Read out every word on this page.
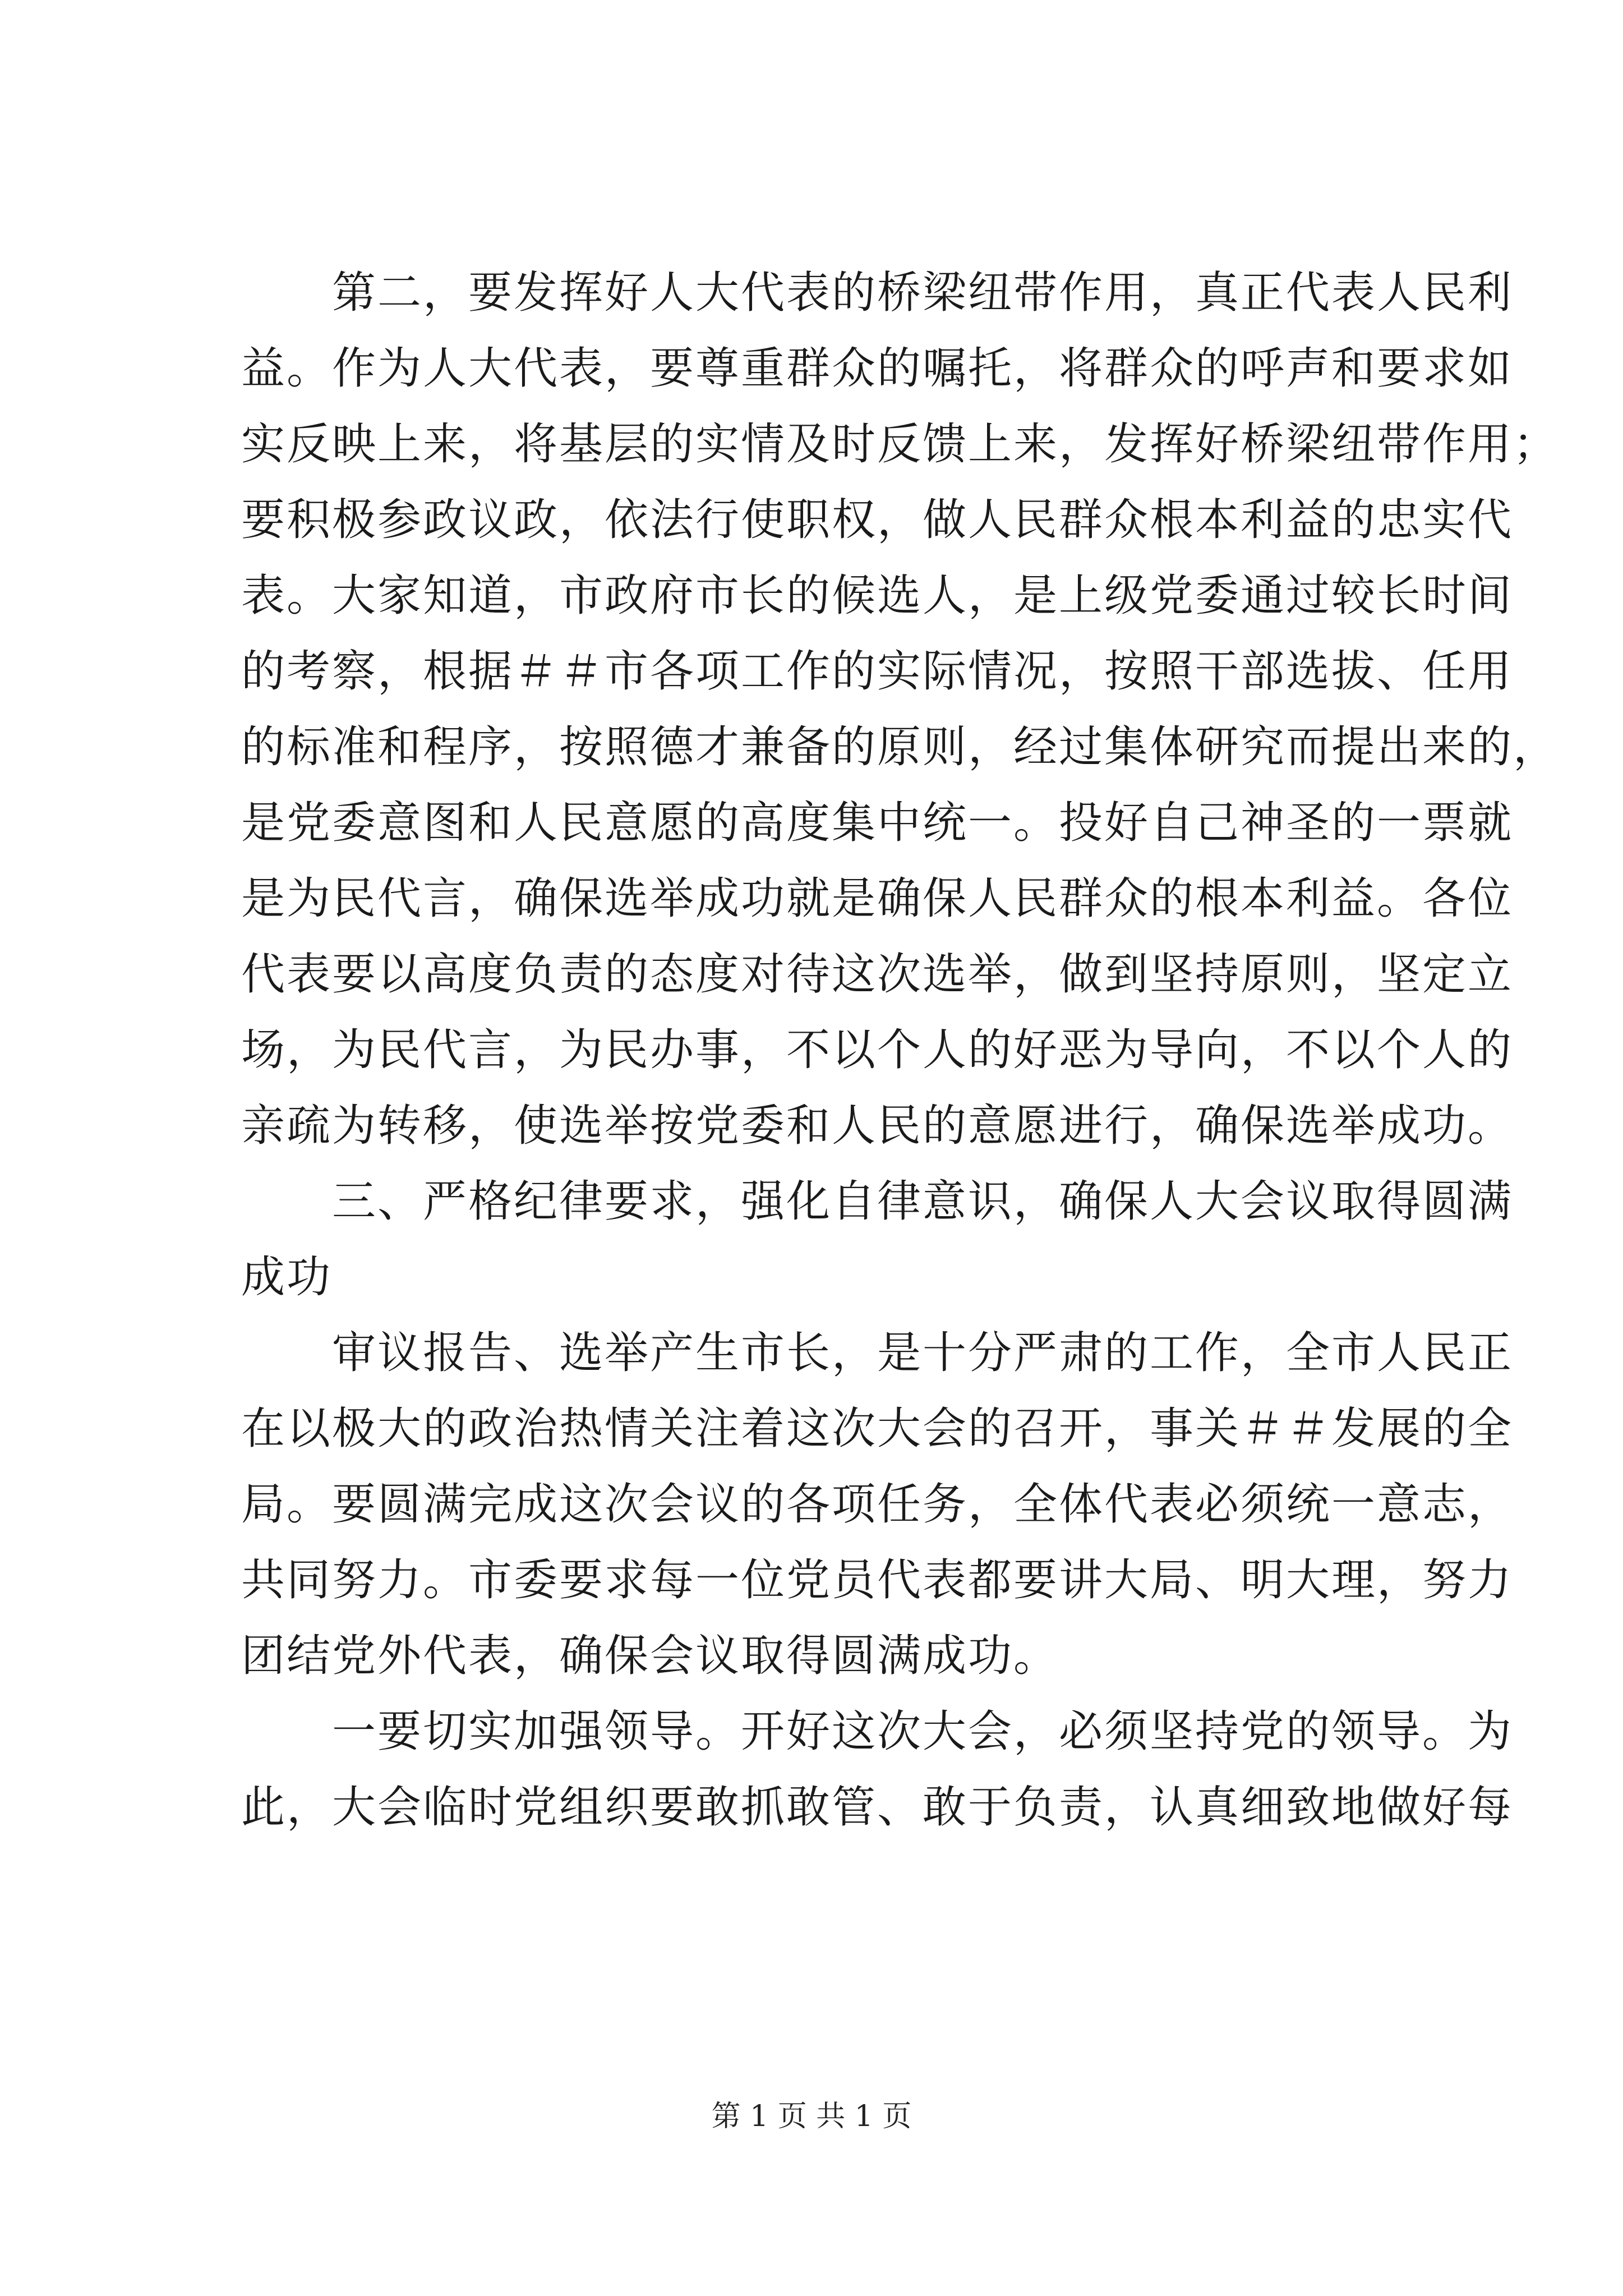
　　第二，要发挥好人大代表的桥梁纽带作用，真正代表人民利
益。作为人大代表，要尊重群众的嘱托，将群众的呼声和要求如
实反映上来，将基层的实情及时反馈上来，发挥好桥梁纽带作用；
要积极参政议政，依法行使职权，做人民群众根本利益的忠实代
表。大家知道，市政府市长的候选人，是上级党委通过较长时间
的考察，根据＃＃市各项工作的实际情况，按照干部选拔、任用
的标准和程序，按照德才兼备的原则，经过集体研究而提出来的，
是党委意图和人民意愿的高度集中统一。投好自己神圣的一票就
是为民代言，确保选举成功就是确保人民群众的根本利益。各位
代表要以高度负责的态度对待这次选举，做到坚持原则，坚定立
场，为民代言，为民办事，不以个人的好恶为导向，不以个人的
亲疏为转移，使选举按党委和人民的意愿进行，确保选举成功。
　　三、严格纪律要求，强化自律意识，确保人大会议取得圆满
成功
　　审议报告、选举产生市长，是十分严肃的工作，全市人民正
在以极大的政治热情关注着这次大会的召开，事关＃＃发展的全
局。要圆满完成这次会议的各项任务，全体代表必须统一意志，
共同努力。市委要求每一位党员代表都要讲大局、明大理，努力
团结党外代表，确保会议取得圆满成功。
　　一要切实加强领导。开好这次大会，必须坚持党的领导。为
此，大会临时党组织要敢抓敢管、敢于负责，认真细致地做好每
第 1 页 共 1 页
